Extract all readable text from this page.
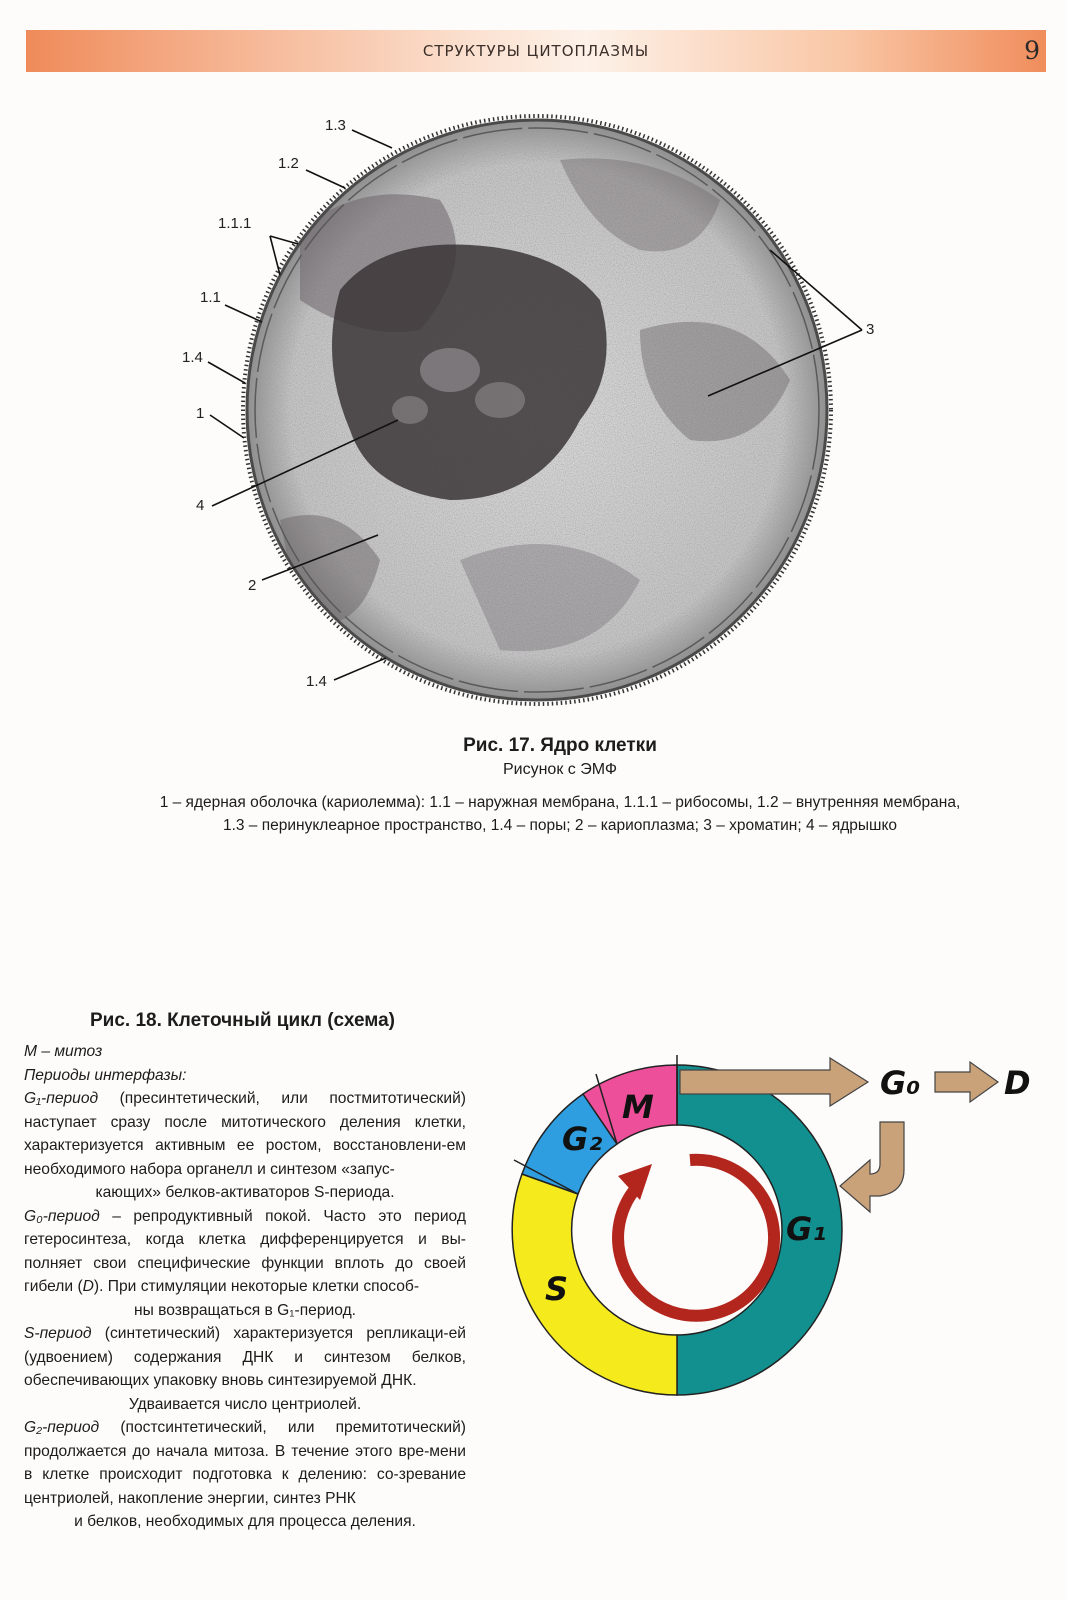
СТРУКТУРЫ ЦИТОПЛАЗМЫ	9
1.3
1.2
1.1.1
1.1
1.4
1
4
2
1.4
3
Рис. 17. Ядро клетки
Рисунок с ЭМФ
1 – ядерная оболочка (кариолемма): 1.1 – наружная мембрана, 1.1.1 – рибосомы, 1.2 – внутренняя мембрана,
1.3 – перинуклеарное пространство, 1.4 – поры; 2 – кариоплазма; 3 – хроматин; 4 – ядрышко
Рис. 18. Клеточный цикл (схема)

М – митоз

Периоды интерфазы:

G₁-период (пресинтетический, или постмитотический) наступает сразу после митотического деления клетки, характеризуется активным ее ростом, восстановлени-ем необходимого набора органелл и синтезом «запус-

кающих» белков-активаторов S-периода.

G₀-период – репродуктивный покой. Часто это период гетеросинтеза, когда клетка дифференцируется и вы-полняет свои специфические функции вплоть до своей гибели (D). При стимуляции некоторые клетки способ-

ны возвращаться в G₁-период.

S-период (синтетический) характеризуется репликаци-ей (удвоением) содержания ДНК и синтезом белков, обеспечивающих упаковку вновь синтезируемой ДНК.

Удваивается число центриолей.

G₂-период (постсинтетический, или премитотический) продолжается до начала митоза. В течение этого вре-мени в клетке происходит подготовка к делению: со-зревание центриолей, накопление энергии, синтез РНК

и белков, необходимых для процесса деления.

M
G₂
S
G₁
G₀	D
